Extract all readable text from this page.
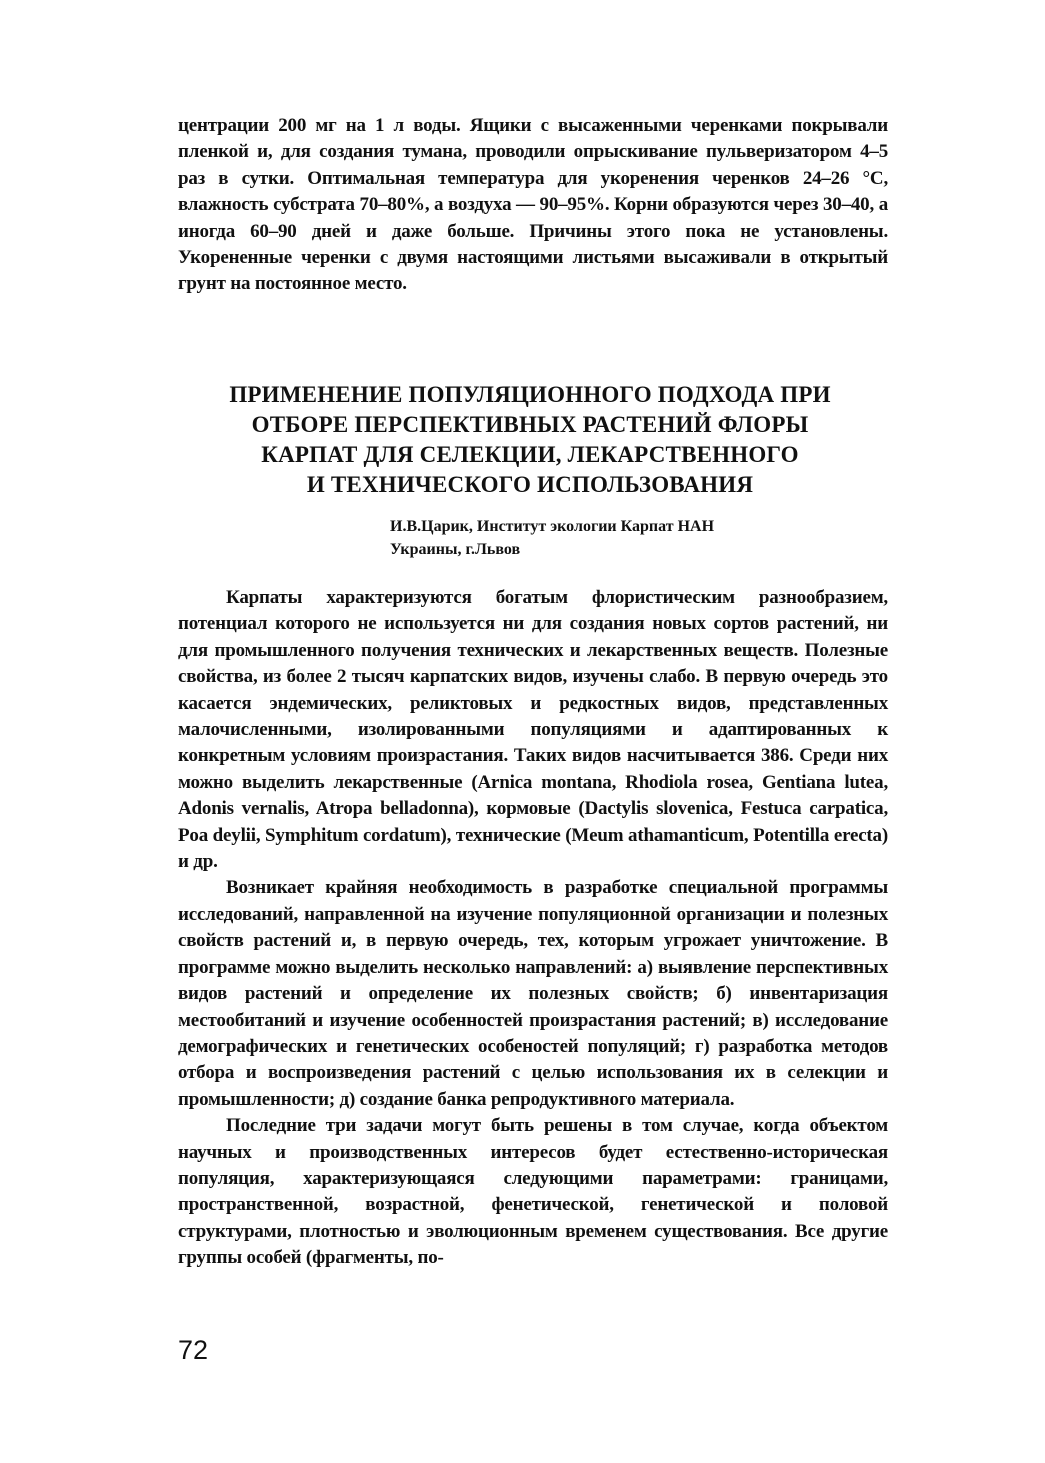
центрации 200 мг на 1 л воды. Ящики с высаженными черенками покрывали пленкой и, для создания тумана, проводили опрыскивание пульверизатором 4–5 раз в сутки. Оптимальная температура для укоренения черенков 24–26 °С, влажность субстрата 70–80%, а воздуха — 90–95%. Корни образуются через 30–40, а иногда 60–90 дней и даже больше. Причины этого пока не установлены. Укорененные черенки с двумя настоящими листьями высаживали в открытый грунт на постоянное место.

ПРИМЕНЕНИЕ ПОПУЛЯЦИОННОГО ПОДХОДА ПРИ
ОТБОРЕ ПЕРСПЕКТИВНЫХ РАСТЕНИЙ ФЛОРЫ
КАРПАТ ДЛЯ СЕЛЕКЦИИ, ЛЕКАРСТВЕННОГО
И ТЕХНИЧЕСКОГО ИСПОЛЬЗОВАНИЯ
И.В.Царик, Институт экологии Карпат НАН
Украины, г.Львов

Карпаты характеризуются богатым флористическим разнообразием, потенциал которого не используется ни для создания новых сортов растений, ни для промышленного получения технических и лекарственных веществ. Полезные свойства, из более 2 тысяч карпатских видов, изучены слабо. В первую очередь это касается эндемических, реликтовых и редкостных видов, представленных малочисленными, изолированными популяциями и адаптированных к конкретным условиям произрастания. Таких видов насчитывается 386. Среди них можно выделить лекарственные (Arnica montana, Rhodiola rosea, Gentiana lutea, Adonis vernalis, Atropa belladonna), кормовые (Dactylis slovenica, Festuca carpatica, Poa deylii, Symphitum cordatum), технические (Meum athamanticum, Potentilla erecta) и др.

Возникает крайняя необходимость в разработке специальной программы исследований, направленной на изучение популяционной организации и полезных свойств растений и, в первую очередь, тех, которым угрожает уничтожение. В программе можно выделить несколько направлений: а) выявление перспективных видов растений и определение их полезных свойств; б) инвентаризация местообитаний и изучение особенностей произрастания растений; в) исследование демографических и генетических особеностей популяций; г) разработка методов отбора и воспроизведения растений с целью использования их в селекции и промышленности; д) создание банка репродуктивного материала.

Последние три задачи могут быть решены в том случае, когда объектом научных и производственных интересов будет естественно-историческая популяция, характеризующаяся следующими параметрами: границами, пространственной, возрастной, фенетической, генетической и половой структурами, плотностью и эволюционным временем существования. Все другие группы особей (фрагменты, по-

72
